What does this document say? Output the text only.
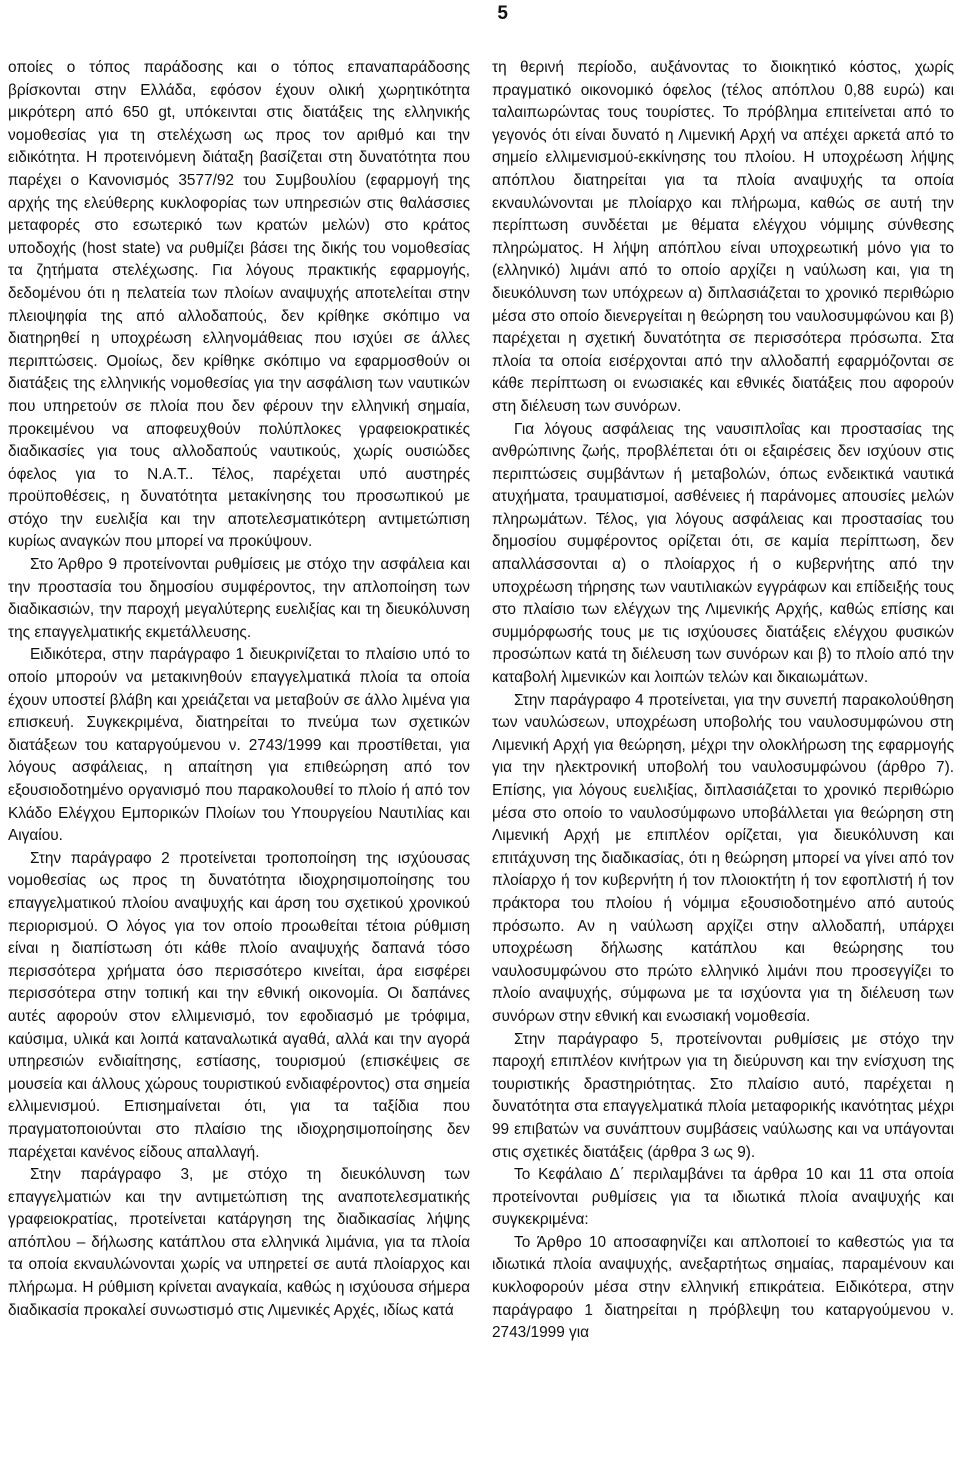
5

οποίες ο τόπος παράδοσης και ο τόπος επαναπαράδοσης βρίσκονται στην Ελλάδα, εφόσον έχουν ολική χωρητικότητα μικρότερη από 650 gt, υπόκεινται στις διατάξεις της ελληνικής νομοθεσίας για τη στελέχωση ως προς τον αριθμό και την ειδικότητα. Η προτεινόμενη διάταξη βασίζεται στη δυνατότητα που παρέχει ο Κανονισμός 3577/92 του Συμβουλίου (εφαρμογή της αρχής της ελεύθερης κυκλοφορίας των υπηρεσιών στις θαλάσσιες μεταφορές στο εσωτερικό των κρατών μελών) στο κράτος υποδοχής (host state) να ρυθμίζει βάσει της δικής του νομοθεσίας τα ζητήματα στελέχωσης. Για λόγους πρακτικής εφαρμογής, δεδομένου ότι η πελατεία των πλοίων αναψυχής αποτελείται στην πλειοψηφία της από αλλοδαπούς, δεν κρίθηκε σκόπιμο να διατηρηθεί η υποχρέωση ελληνομάθειας που ισχύει σε άλλες περιπτώσεις. Ομοίως, δεν κρίθηκε σκόπιμο να εφαρμοσθούν οι διατάξεις της ελληνικής νομοθεσίας για την ασφάλιση των ναυτικών που υπηρετούν σε πλοία που δεν φέρουν την ελληνική σημαία, προκειμένου να αποφευχθούν πολύπλοκες γραφειοκρατικές διαδικασίες για τους αλλοδαπούς ναυτικούς, χωρίς ουσιώδες όφελος για το Ν.Α.Τ.. Τέλος, παρέχεται υπό αυστηρές προϋποθέσεις, η δυνατότητα μετακίνησης του προσωπικού με στόχο την ευελιξία και την αποτελεσματικότερη αντιμετώπιση κυρίως αναγκών που μπορεί να προκύψουν.

Στο Άρθρο 9 προτείνονται ρυθμίσεις με στόχο την ασφάλεια και την προστασία του δημοσίου συμφέροντος, την απλοποίηση των διαδικασιών, την παροχή μεγαλύτερης ευελιξίας και τη διευκόλυνση της επαγγελματικής εκμετάλλευσης.

Ειδικότερα, στην παράγραφο 1 διευκρινίζεται το πλαίσιο υπό το οποίο μπορούν να μετακινηθούν επαγγελματικά πλοία τα οποία έχουν υποστεί βλάβη και χρειάζεται να μεταβούν σε άλλο λιμένα για επισκευή. Συγκεκριμένα, διατηρείται το πνεύμα των σχετικών διατάξεων του καταργούμενου ν. 2743/1999 και προστίθεται, για λόγους ασφάλειας, η απαίτηση για επιθεώρηση από τον εξουσιοδοτημένο οργανισμό που παρακολουθεί το πλοίο ή από τον Κλάδο Ελέγχου Εμπορικών Πλοίων του Υπουργείου Ναυτιλίας και Αιγαίου.

Στην παράγραφο 2 προτείνεται τροποποίηση της ισχύουσας νομοθεσίας ως προς τη δυνατότητα ιδιοχρησιμοποίησης του επαγγελματικού πλοίου αναψυχής και άρση του σχετικού χρονικού περιορισμού. Ο λόγος για τον οποίο προωθείται τέτοια ρύθμιση είναι η διαπίστωση ότι κάθε πλοίο αναψυχής δαπανά τόσο περισσότερα χρήματα όσο περισσότερο κινείται, άρα εισφέρει περισσότερα στην τοπική και την εθνική οικονομία. Οι δαπάνες αυτές αφορούν στον ελλιμενισμό, τον εφοδιασμό με τρόφιμα, καύσιμα, υλικά και λοιπά καταναλωτικά αγαθά, αλλά και την αγορά υπηρεσιών ενδιαίτησης, εστίασης, τουρισμού (επισκέψεις σε μουσεία και άλλους χώρους τουριστικού ενδιαφέροντος) στα σημεία ελλιμενισμού. Επισημαίνεται ότι, για τα ταξίδια που πραγματοποιούνται στο πλαίσιο της ιδιοχρησιμοποίησης δεν παρέχεται κανένος είδους απαλλαγή.

Στην παράγραφο 3, με στόχο τη διευκόλυνση των επαγγελματιών και την αντιμετώπιση της αναποτελεσματικής γραφειοκρατίας, προτείνεται κατάργηση της διαδικασίας λήψης απόπλου – δήλωσης κατάπλου στα ελληνικά λιμάνια, για τα πλοία τα οποία εκναυλώνονται χωρίς να υπηρετεί σε αυτά πλοίαρχος και πλήρωμα. Η ρύθμιση κρίνεται αναγκαία, καθώς η ισχύουσα σήμερα διαδικασία προκαλεί συνωστισμό στις Λιμενικές Αρχές, ιδίως κατά

τη θερινή περίοδο, αυξάνοντας το διοικητικό κόστος, χωρίς πραγματικό οικονομικό όφελος (τέλος απόπλου 0,88 ευρώ) και ταλαιπωρώντας τους τουρίστες. Το πρόβλημα επιτείνεται από το γεγονός ότι είναι δυνατό η Λιμενική Αρχή να απέχει αρκετά από το σημείο ελλιμενισμού-εκκίνησης του πλοίου. Η υποχρέωση λήψης απόπλου διατηρείται για τα πλοία αναψυχής τα οποία εκναυλώνονται με πλοίαρχο και πλήρωμα, καθώς σε αυτή την περίπτωση συνδέεται με θέματα ελέγχου νόμιμης σύνθεσης πληρώματος. Η λήψη απόπλου είναι υποχρεωτική μόνο για το (ελληνικό) λιμάνι από το οποίο αρχίζει η ναύλωση και, για τη διευκόλυνση των υπόχρεων α) διπλασιάζεται το χρονικό περιθώριο μέσα στο οποίο διενεργείται η θεώρηση του ναυλοσυμφώνου και β) παρέχεται η σχετική δυνατότητα σε περισσότερα πρόσωπα. Στα πλοία τα οποία εισέρχονται από την αλλοδαπή εφαρμόζονται σε κάθε περίπτωση οι ενωσιακές και εθνικές διατάξεις που αφορούν στη διέλευση των συνόρων.

Για λόγους ασφάλειας της ναυσιπλοΐας και προστασίας της ανθρώπινης ζωής, προβλέπεται ότι οι εξαιρέσεις δεν ισχύουν στις περιπτώσεις συμβάντων ή μεταβολών, όπως ενδεικτικά ναυτικά ατυχήματα, τραυματισμοί, ασθένειες ή παράνομες απουσίες μελών πληρωμάτων. Τέλος, για λόγους ασφάλειας και προστασίας του δημοσίου συμφέροντος ορίζεται ότι, σε καμία περίπτωση, δεν απαλλάσσονται α) ο πλοίαρχος ή ο κυβερνήτης από την υποχρέωση τήρησης των ναυτιλιακών εγγράφων και επίδειξής τους στο πλαίσιο των ελέγχων της Λιμενικής Αρχής, καθώς επίσης και συμμόρφωσής τους με τις ισχύουσες διατάξεις ελέγχου φυσικών προσώπων κατά τη διέλευση των συνόρων και β) το πλοίο από την καταβολή λιμενικών και λοιπών τελών και δικαιωμάτων.

Στην παράγραφο 4 προτείνεται, για την συνεπή παρακολούθηση των ναυλώσεων, υποχρέωση υποβολής του ναυλοσυμφώνου στη Λιμενική Αρχή για θεώρηση, μέχρι την ολοκλήρωση της εφαρμογής για την ηλεκτρονική υποβολή του ναυλοσυμφώνου (άρθρο 7). Επίσης, για λόγους ευελιξίας, διπλασιάζεται το χρονικό περιθώριο μέσα στο οποίο το ναυλοσύμφωνο υποβάλλεται για θεώρηση στη Λιμενική Αρχή με επιπλέον ορίζεται, για διευκόλυνση και επιτάχυνση της διαδικασίας, ότι η θεώρηση μπορεί να γίνει από τον πλοίαρχο ή τον κυβερνήτη ή τον πλοιοκτήτη ή τον εφοπλιστή ή τον πράκτορα του πλοίου ή νόμιμα εξουσιοδοτημένο από αυτούς πρόσωπο. Αν η ναύλωση αρχίζει στην αλλοδαπή, υπάρχει υποχρέωση δήλωσης κατάπλου και θεώρησης του ναυλοσυμφώνου στο πρώτο ελληνικό λιμάνι που προσεγγίζει το πλοίο αναψυχής, σύμφωνα με τα ισχύοντα για τη διέλευση των συνόρων στην εθνική και ενωσιακή νομοθεσία.

Στην παράγραφο 5, προτείνονται ρυθμίσεις με στόχο την παροχή επιπλέον κινήτρων για τη διεύρυνση και την ενίσχυση της τουριστικής δραστηριότητας. Στο πλαίσιο αυτό, παρέχεται η δυνατότητα στα επαγγελματικά πλοία μεταφορικής ικανότητας μέχρι 99 επιβατών να συνάπτουν συμβάσεις ναύλωσης και να υπάγονται στις σχετικές διατάξεις (άρθρα 3 ως 9).

Το Κεφάλαιο Δ΄ περιλαμβάνει τα άρθρα 10 και 11 στα οποία προτείνονται ρυθμίσεις για τα ιδιωτικά πλοία αναψυχής και συγκεκριμένα:

Το Άρθρο 10 αποσαφηνίζει και απλοποιεί το καθεστώς για τα ιδιωτικά πλοία αναψυχής, ανεξαρτήτως σημαίας, παραμένουν και κυκλοφορούν μέσα στην ελληνική επικράτεια. Ειδικότερα, στην παράγραφο 1 διατηρείται η πρόβλεψη του καταργούμενου ν. 2743/1999 για
